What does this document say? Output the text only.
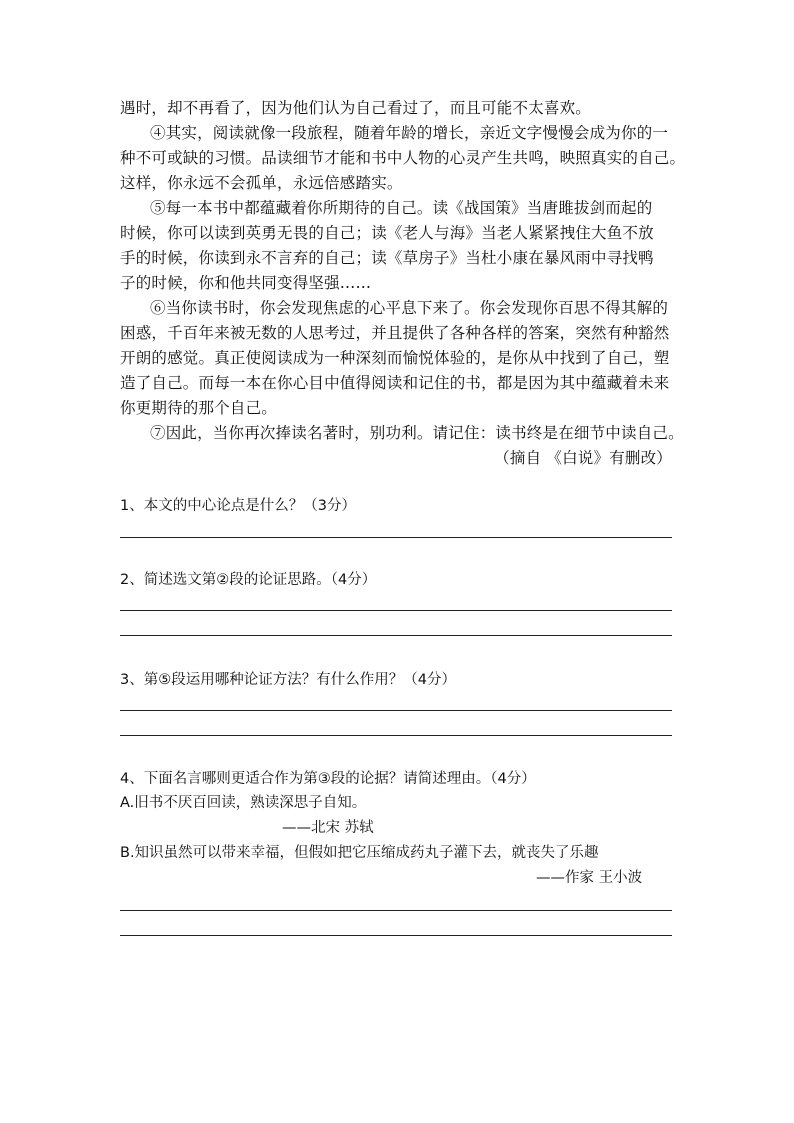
遇时，却不再看了，因为他们认为自己看过了，而且可能不太喜欢。
④其实，阅读就像一段旅程，随着年龄的增长，亲近文字慢慢会成为你的一
种不可或缺的习惯。品读细节才能和书中人物的心灵产生共鸣，映照真实的自己。
这样，你永远不会孤单，永远倍感踏实。
⑤每一本书中都蕴藏着你所期待的自己。读《战国策》当唐雎拔剑而起的
时候，你可以读到英勇无畏的自己；读《老人与海》当老人紧紧拽住大鱼不放
手的时候，你读到永不言弃的自己；读《草房子》当杜小康在暴风雨中寻找鸭
子的时候，你和他共同变得坚强……
⑥当你读书时，你会发现焦虑的心平息下来了。你会发现你百思不得其解的
困惑，千百年来被无数的人思考过，并且提供了各种各样的答案，突然有种豁然
开朗的感觉。真正使阅读成为一种深刻而愉悦体验的，是你从中找到了自己，塑
造了自己。而每一本在你心目中值得阅读和记住的书，都是因为其中蕴藏着未来
你更期待的那个自己。
⑦因此，当你再次捧读名著时，别功利。请记住：读书终是在细节中读自己。
（摘自 《白说》有删改）
1、本文的中心论点是什么？（3分）
2、简述选文第②段的论证思路。（4分）
3、第⑤段运用哪种论证方法？有什么作用？（4分）
4、下面名言哪则更适合作为第③段的论据？请简述理由。（4分）
A.旧书不厌百回读，熟读深思子自知。
——北宋 苏轼
B.知识虽然可以带来幸福，但假如把它压缩成药丸子灌下去，就丧失了乐趣
——作家 王小波
